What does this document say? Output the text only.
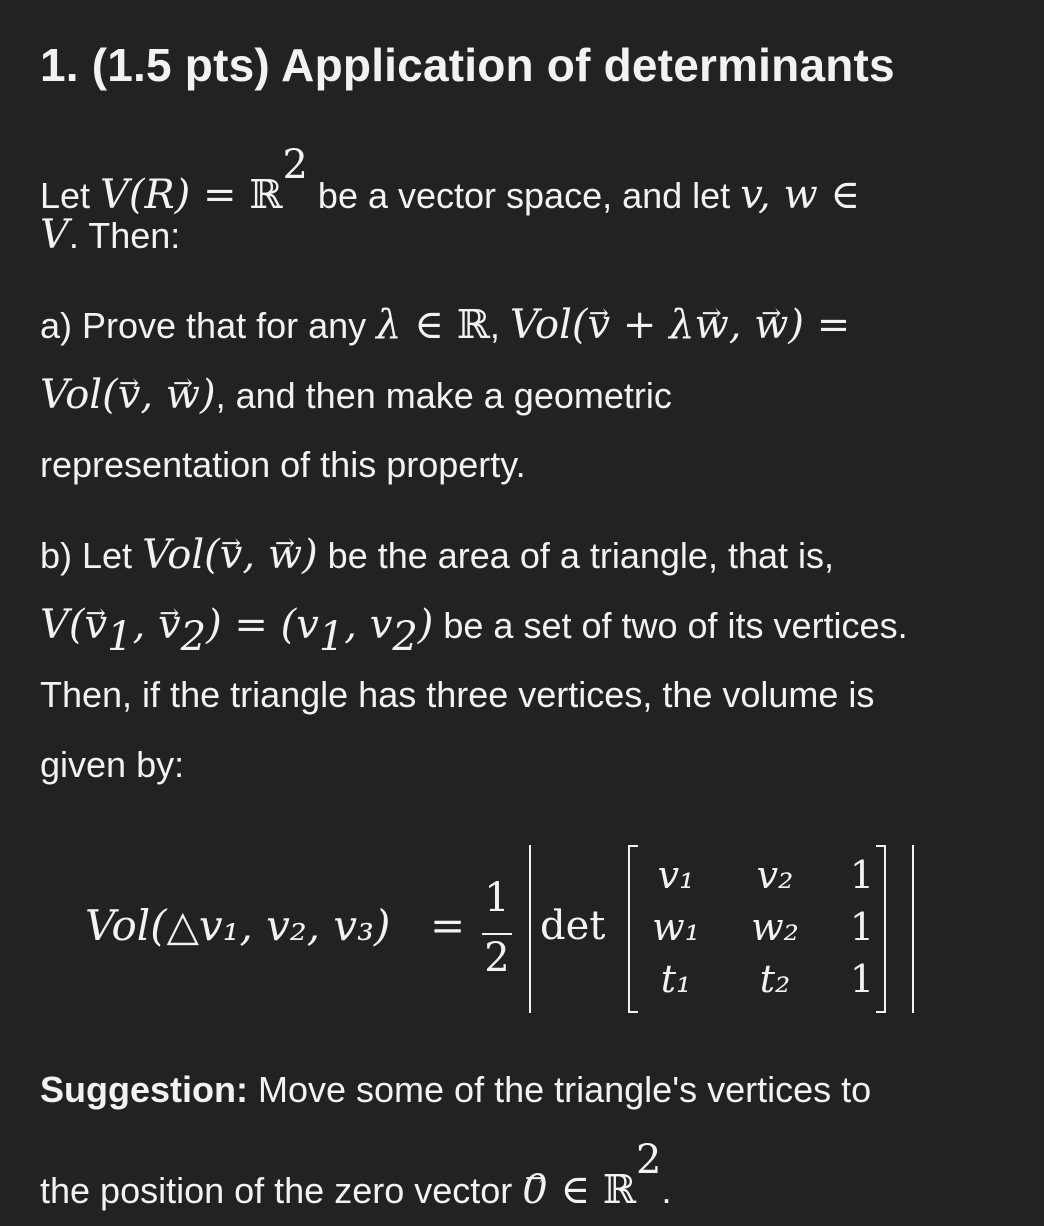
1. (1.5 pts) Application of determinants
Let V(R) = ℝ$^2$ be a vector space, and let v, w ∈
V. Then:
a) Prove that for any λ ∈ ℝ, Vol(→ v + λ→ w, → w) =
Vol(→ v, → w), and then make a geometric
representation of this property.
b) Let Vol(→ v, → w) be the area of a triangle, that is,
$V(\to v_1$, → $v_2) = (v_1$, $v_2$) be a set of two of its vertices.
Then, if the triangle has three vertices, the volume is
given by:
Vol(△v₁, v₂, v₃) =
1
2
det
v₁	v₂	1
w₁	w₂	1
t₁	t₂	1
Suggestion: Move some of the triangle's vertices to
the position of the zero vector → 0 ∈ ℝ$^2$.
